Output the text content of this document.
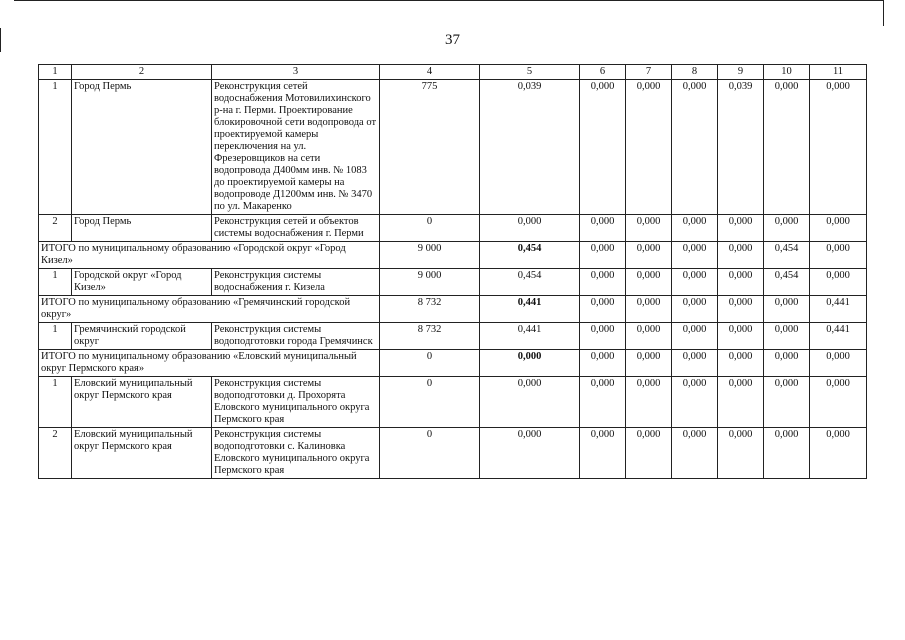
37
1	2	3	4	5	6	7	8	9	10	11
1	Город Пермь	Реконструкция сетей водоснабжения Мотовилихинского р-на г. Перми. Проектирование блокировочной сети водопровода от проектируемой камеры переключения на ул. Фрезеровщиков на сети водопровода Д400мм инв. № 1083 до проектируемой камеры на водопроводе Д1200мм инв. № 3470 по ул. Макаренко	775	0,039	0,000	0,000	0,000	0,039	0,000	0,000
2	Город Пермь	Реконструкция сетей и объектов системы водоснабжения г. Перми	0	0,000	0,000	0,000	0,000	0,000	0,000	0,000
ИТОГО по муниципальному образованию «Городской округ «Город Кизел»			9 000	0,454	0,000	0,000	0,000	0,000	0,454	0,000
1	Городской округ «Город Кизел»	Реконструкция системы водоснабжения г. Кизела	9 000	0,454	0,000	0,000	0,000	0,000	0,454	0,000
ИТОГО по муниципальному образованию «Гремячинский городской округ»			8 732	0,441	0,000	0,000	0,000	0,000	0,000	0,441
1	Гремячинский городской округ	Реконструкция системы водоподготовки города Гремячинск	8 732	0,441	0,000	0,000	0,000	0,000	0,000	0,441
ИТОГО по муниципальному образованию «Еловский муниципальный округ Пермского края»			0	0,000	0,000	0,000	0,000	0,000	0,000	0,000
1	Еловский муниципальный округ Пермского края	Реконструкция системы водоподготовки д. Прохорята Еловского муниципального округа Пермского края	0	0,000	0,000	0,000	0,000	0,000	0,000	0,000
2	Еловский муниципальный округ Пермского края	Реконструкция системы водоподготовки с. Калиновка Еловского муниципального округа Пермского края	0	0,000	0,000	0,000	0,000	0,000	0,000	0,000
